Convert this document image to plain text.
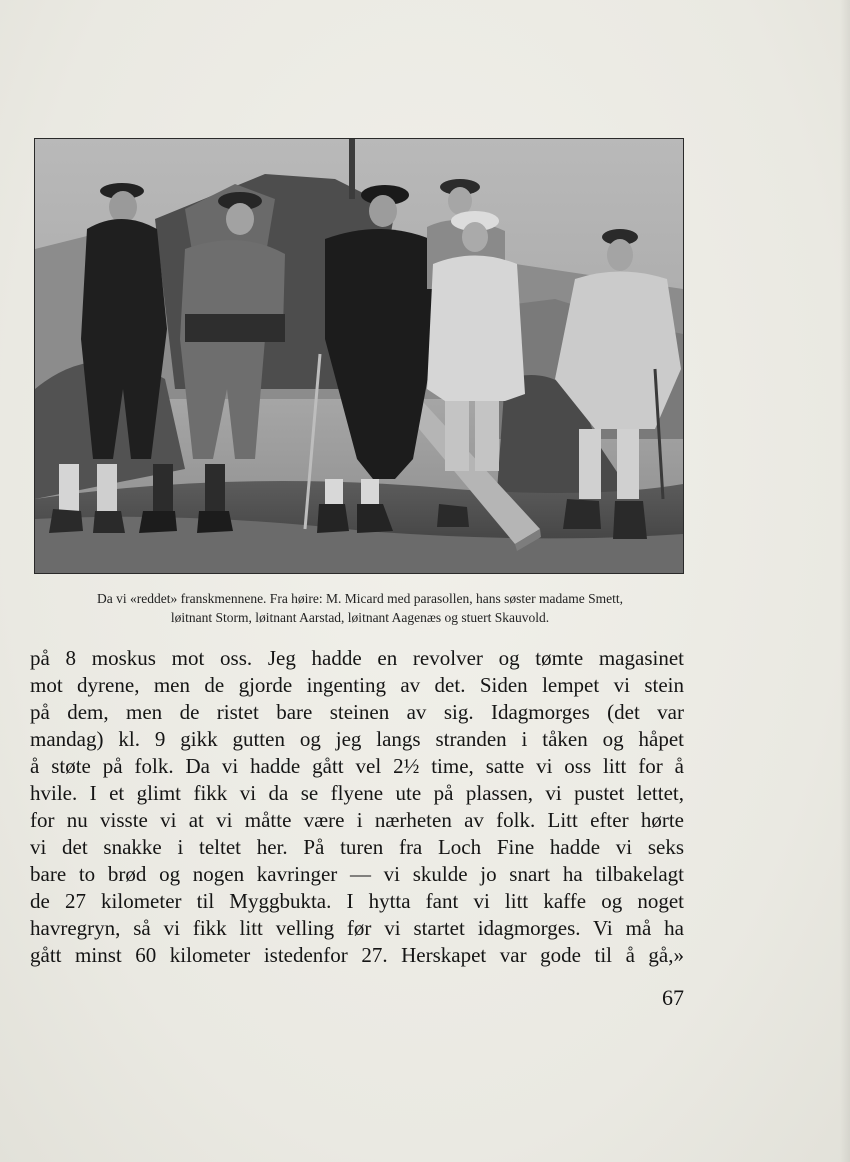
Da vi «reddet» franskmennene. Fra høire: M. Micard med parasollen, hans søster madame Smett,
løitnant Storm, løitnant Aarstad, løitnant Aagenæs og stuert Skauvold.
på 8 moskus mot oss. Jeg hadde en revolver og tømte magasinet
mot dyrene, men de gjorde ingenting av det. Siden lempet vi stein
på dem, men de ristet bare steinen av sig. Idagmorges (det var
mandag) kl. 9 gikk gutten og jeg langs stranden i tåken og håpet
å støte på folk. Da vi hadde gått vel 2½ time, satte vi oss litt for å
hvile. I et glimt fikk vi da se flyene ute på plassen, vi pustet lettet,
for nu visste vi at vi måtte være i nærheten av folk. Litt efter hørte
vi det snakke i teltet her. På turen fra Loch Fine hadde vi seks
bare to brød og nogen kavringer — vi skulde jo snart ha tilbakelagt
de 27 kilometer til Myggbukta. I hytta fant vi litt kaffe og noget
havregryn, så vi fikk litt velling før vi startet idagmorges. Vi må ha
gått minst 60 kilometer istedenfor 27. Herskapet var gode til å gå,»
67
